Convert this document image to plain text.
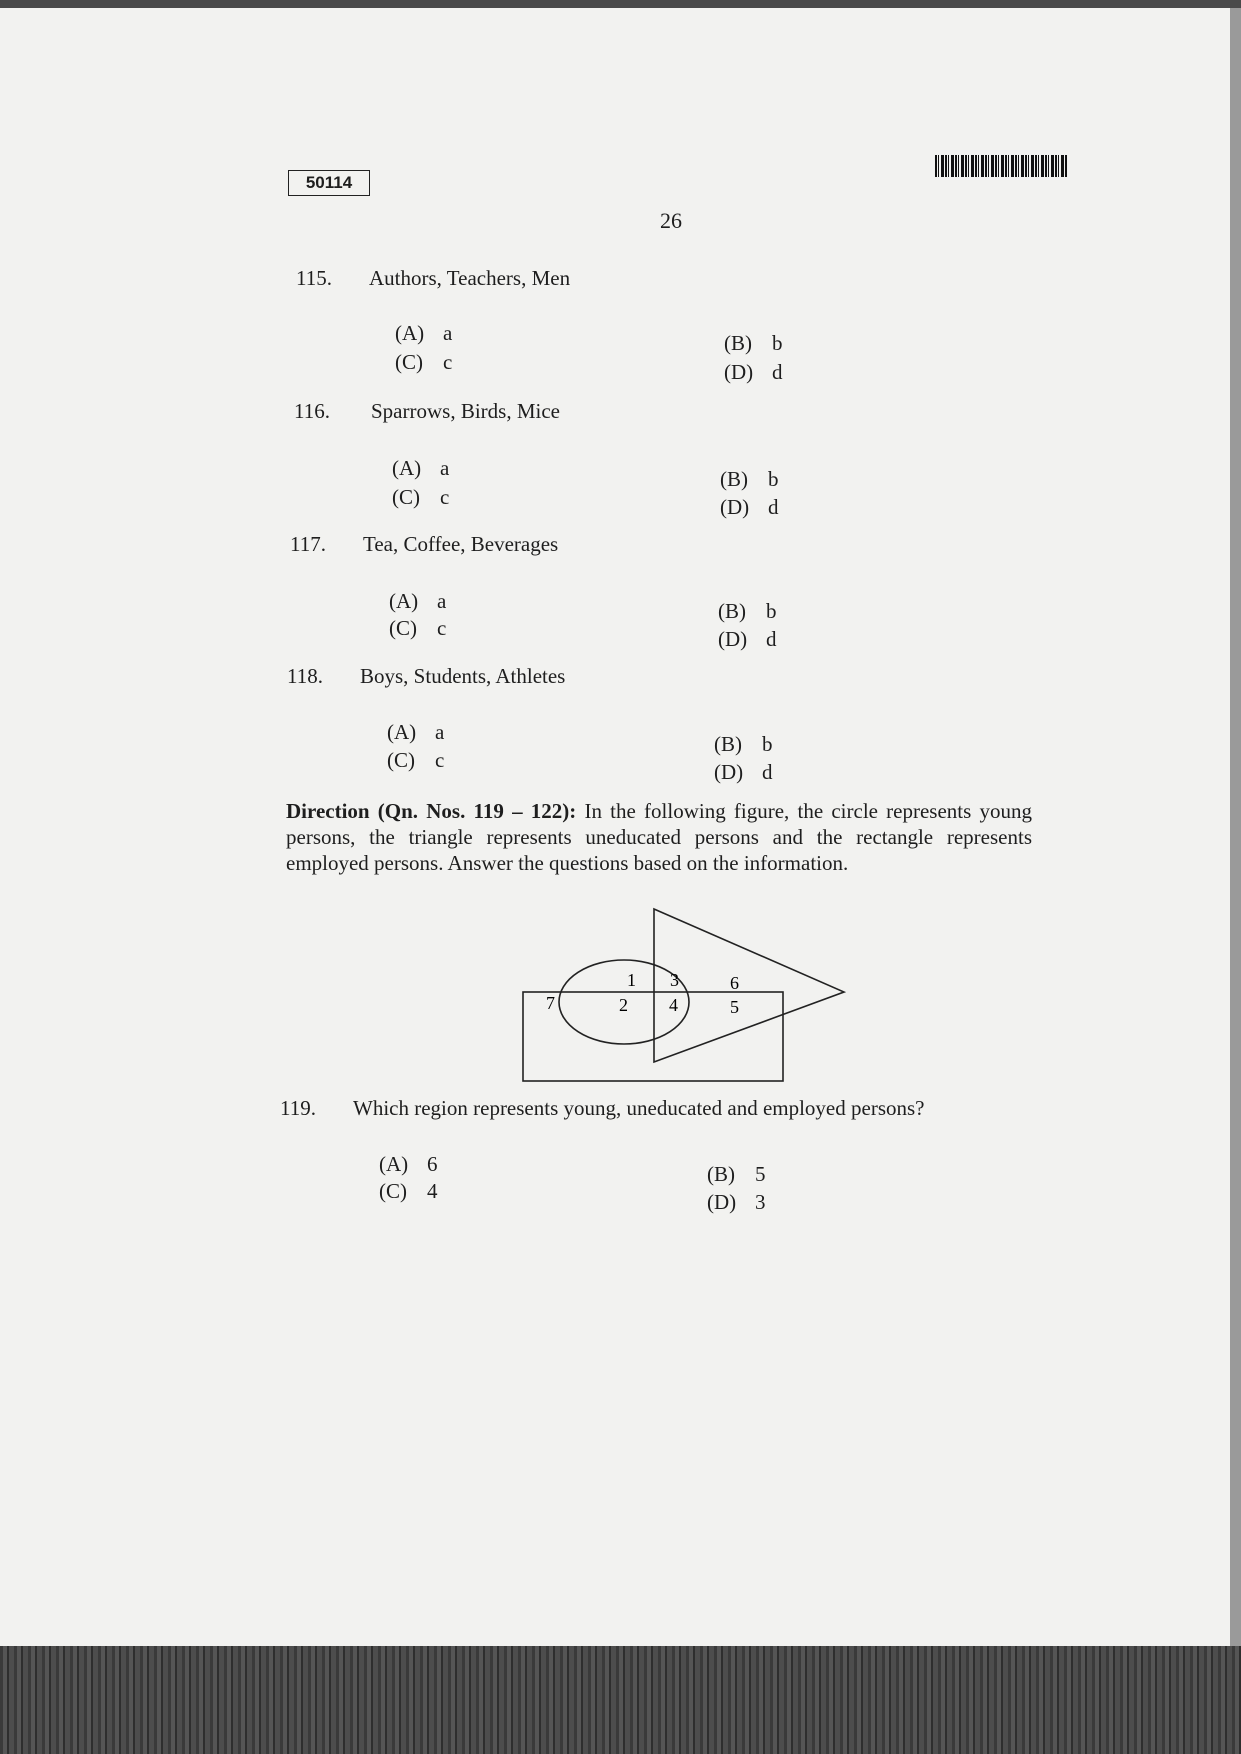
50114
26
115. Authors, Teachers, Men
(A) a
(C) c
(B) b
(D) d
116. Sparrows, Birds, Mice
(A) a
(C) c
(B) b
(D) d
117. Tea, Coffee, Beverages
(A) a
(C) c
(B) b
(D) d
118. Boys, Students, Athletes
(A) a
(C) c
(B) b
(D) d
Direction (Qn. Nos. 119 – 122): In the following figure, the circle represents young persons, the triangle represents uneducated persons and the rectangle represents employed persons. Answer the questions based on the information.
1
2
3
4	5
6
7
119. Which region represents young, uneducated and employed persons?
(A) 6
(C) 4
(B) 5
(D) 3
